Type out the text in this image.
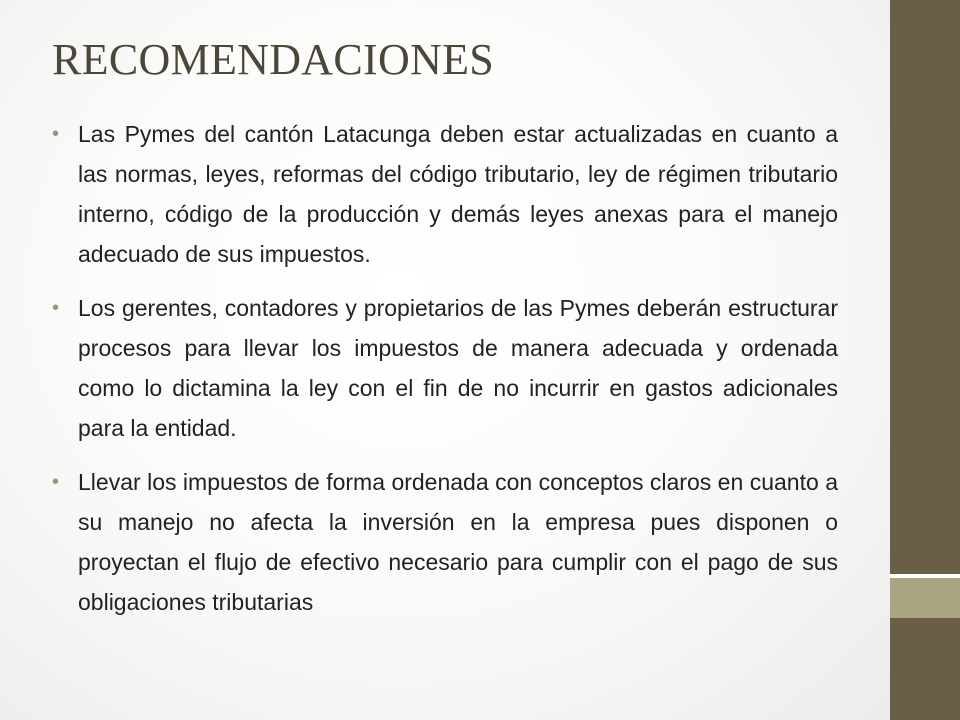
RECOMENDACIONES
• Las Pymes del cantón Latacunga deben estar actualizadas en cuanto a las normas, leyes, reformas del código tributario, ley de régimen tributario interno, código de la producción y demás leyes anexas para el manejo adecuado de sus impuestos.
• Los gerentes, contadores y propietarios de las Pymes deberán estructurar procesos para llevar los impuestos de manera adecuada y ordenada como lo dictamina la ley con el fin de no incurrir en gastos adicionales para la entidad.
• Llevar los impuestos de forma ordenada con conceptos claros en cuanto a su manejo no afecta la inversión en la empresa pues disponen o proyectan el flujo de efectivo necesario para cumplir con el pago de sus obligaciones tributarias
